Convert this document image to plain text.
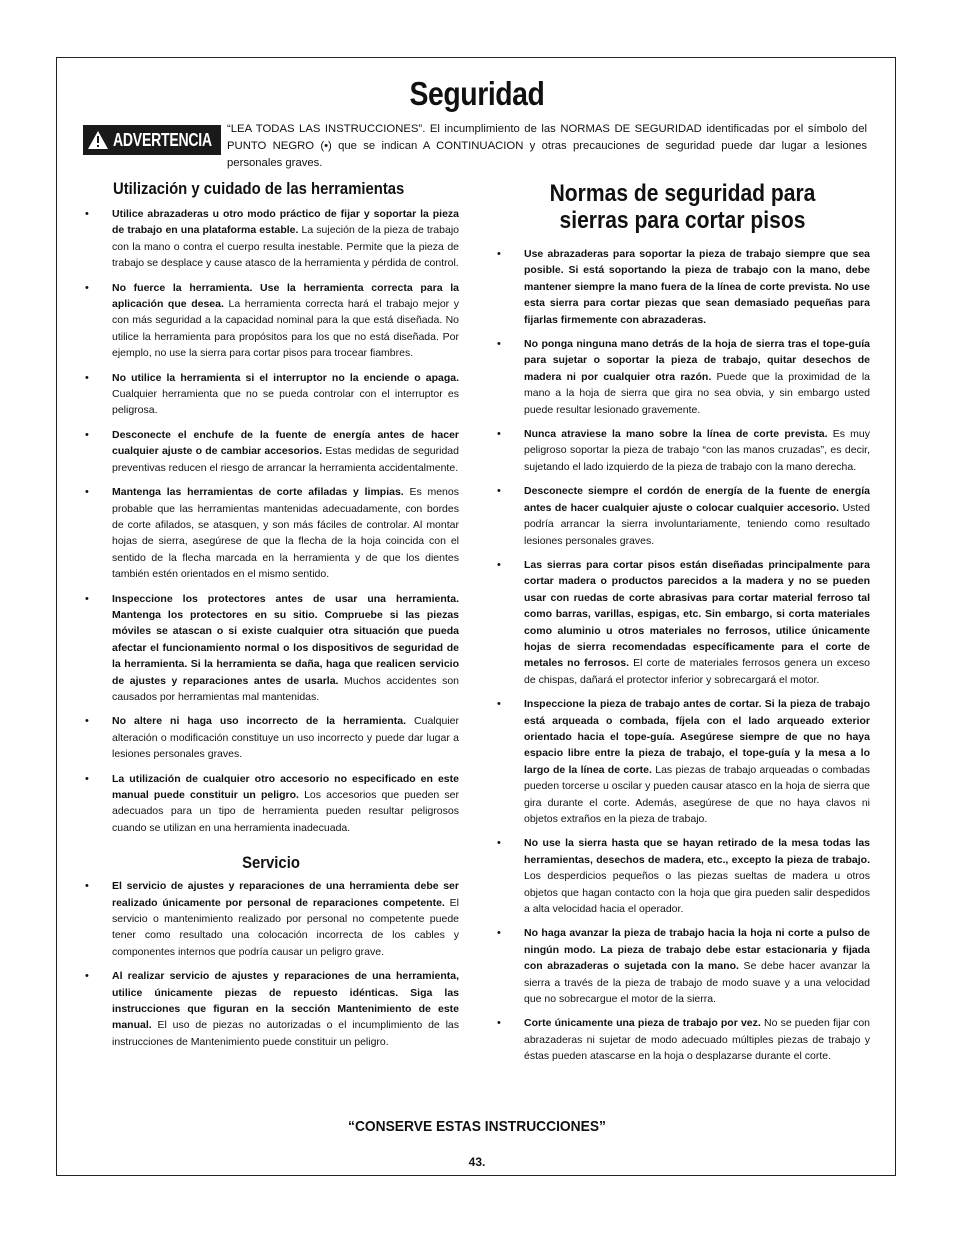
Seguridad
ADVERTENCIA
“LEA TODAS LAS INSTRUCCIONES”. El incumplimiento de las NORMAS DE SEGURIDAD identificadas por el símbolo del PUNTO NEGRO (•) que se indican A CONTINUACION y otras precauciones de seguridad puede dar lugar a lesiones personales graves.
Utilización y cuidado de las herramientas
• Utilice abrazaderas u otro modo práctico de fijar y soportar la pieza de trabajo en una plataforma estable. La sujeción de la pieza de trabajo con la mano o contra el cuerpo resulta inestable. Permite que la pieza de trabajo se desplace y cause atasco de la herramienta y pérdida de control.
• No fuerce la herramienta. Use la herramienta correcta para la aplicación que desea. La herramienta correcta hará el trabajo mejor y con más seguridad a la capacidad nominal para la que está diseñada. No utilice la herramienta para propósitos para los que no está diseñada. Por ejemplo, no use la sierra para cortar pisos para trocear fiambres.
• No utilice la herramienta si el interruptor no la enciende o apaga. Cualquier herramienta que no se pueda controlar con el interruptor es peligrosa.
• Desconecte el enchufe de la fuente de energía antes de hacer cualquier ajuste o de cambiar accesorios. Estas medidas de seguridad preventivas reducen el riesgo de arrancar la herramienta accidentalmente.
• Mantenga las herramientas de corte afiladas y limpias. Es menos probable que las herramientas mantenidas adecuadamente, con bordes de corte afilados, se atasquen, y son más fáciles de controlar. Al montar hojas de sierra, asegúrese de que la flecha de la hoja coincida con el sentido de la flecha marcada en la herramienta y de que los dientes también estén orientados en el mismo sentido.
• Inspeccione los protectores antes de usar una herramienta. Mantenga los protectores en su sitio. Compruebe si las piezas móviles se atascan o si existe cualquier otra situación que pueda afectar el funcionamiento normal o los dispositivos de seguridad de la herramienta. Si la herramienta se daña, haga que realicen servicio de ajustes y reparaciones antes de usarla. Muchos accidentes son causados por herramientas mal mantenidas.
• No altere ni haga uso incorrecto de la herramienta. Cualquier alteración o modificación constituye un uso incorrecto y puede dar lugar a lesiones personales graves.
• La utilización de cualquier otro accesorio no especificado en este manual puede constituir un peligro. Los accesorios que pueden ser adecuados para un tipo de herramienta pueden resultar peligrosos cuando se utilizan en una herramienta inadecuada.
Servicio
• El servicio de ajustes y reparaciones de una herramienta debe ser realizado únicamente por personal de reparaciones competente. El servicio o mantenimiento realizado por personal no competente puede tener como resultado una colocación incorrecta de los cables y componentes internos que podría causar un peligro grave.
• Al realizar servicio de ajustes y reparaciones de una herramienta, utilice únicamente piezas de repuesto idénticas. Siga las instrucciones que figuran en la sección Mantenimiento de este manual. El uso de piezas no autorizadas o el incumplimiento de las instrucciones de Mantenimiento puede constituir un peligro.
Normas de seguridad para sierras para cortar pisos
• Use abrazaderas para soportar la pieza de trabajo siempre que sea posible. Si está soportando la pieza de trabajo con la mano, debe mantener siempre la mano fuera de la línea de corte prevista. No use esta sierra para cortar piezas que sean demasiado pequeñas para fijarlas firmemente con abrazaderas.
• No ponga ninguna mano detrás de la hoja de sierra tras el tope-guía para sujetar o soportar la pieza de trabajo, quitar desechos de madera ni por cualquier otra razón. Puede que la proximidad de la mano a la hoja de sierra que gira no sea obvia, y sin embargo usted puede resultar lesionado gravemente.
• Nunca atraviese la mano sobre la línea de corte prevista. Es muy peligroso soportar la pieza de trabajo “con las manos cruzadas”, es decir, sujetando el lado izquierdo de la pieza de trabajo con la mano derecha.
• Desconecte siempre el cordón de energía de la fuente de energía antes de hacer cualquier ajuste o colocar cualquier accesorio. Usted podría arrancar la sierra involuntariamente, teniendo como resultado lesiones personales graves.
• Las sierras para cortar pisos están diseñadas principalmente para cortar madera o productos parecidos a la madera y no se pueden usar con ruedas de corte abrasivas para cortar material ferroso tal como barras, varillas, espigas, etc. Sin embargo, si corta materiales como aluminio u otros materiales no ferrosos, utilice únicamente hojas de sierra recomendadas específicamente para el corte de metales no ferrosos. El corte de materiales ferrosos genera un exceso de chispas, dañará el protector inferior y sobrecargará el motor.
• Inspeccione la pieza de trabajo antes de cortar. Si la pieza de trabajo está arqueada o combada, fíjela con el lado arqueado exterior orientado hacia el tope-guía. Asegúrese siempre de que no haya espacio libre entre la pieza de trabajo, el tope-guía y la mesa a lo largo de la línea de corte. Las piezas de trabajo arqueadas o combadas pueden torcerse u oscilar y pueden causar atasco en la hoja de sierra que gira durante el corte. Además, asegúrese de que no haya clavos ni objetos extraños en la pieza de trabajo.
• No use la sierra hasta que se hayan retirado de la mesa todas las herramientas, desechos de madera, etc., excepto la pieza de trabajo. Los desperdicios pequeños o las piezas sueltas de madera u otros objetos que hagan contacto con la hoja que gira pueden salir despedidos a alta velocidad hacia el operador.
• No haga avanzar la pieza de trabajo hacia la hoja ni corte a pulso de ningún modo. La pieza de trabajo debe estar estacionaria y fijada con abrazaderas o sujetada con la mano. Se debe hacer avanzar la sierra a través de la pieza de trabajo de modo suave y a una velocidad que no sobrecargue el motor de la sierra.
• Corte únicamente una pieza de trabajo por vez. No se pueden fijar con abrazaderas ni sujetar de modo adecuado múltiples piezas de trabajo y éstas pueden atascarse en la hoja o desplazarse durante el corte.
“CONSERVE ESTAS INSTRUCCIONES”
43.
